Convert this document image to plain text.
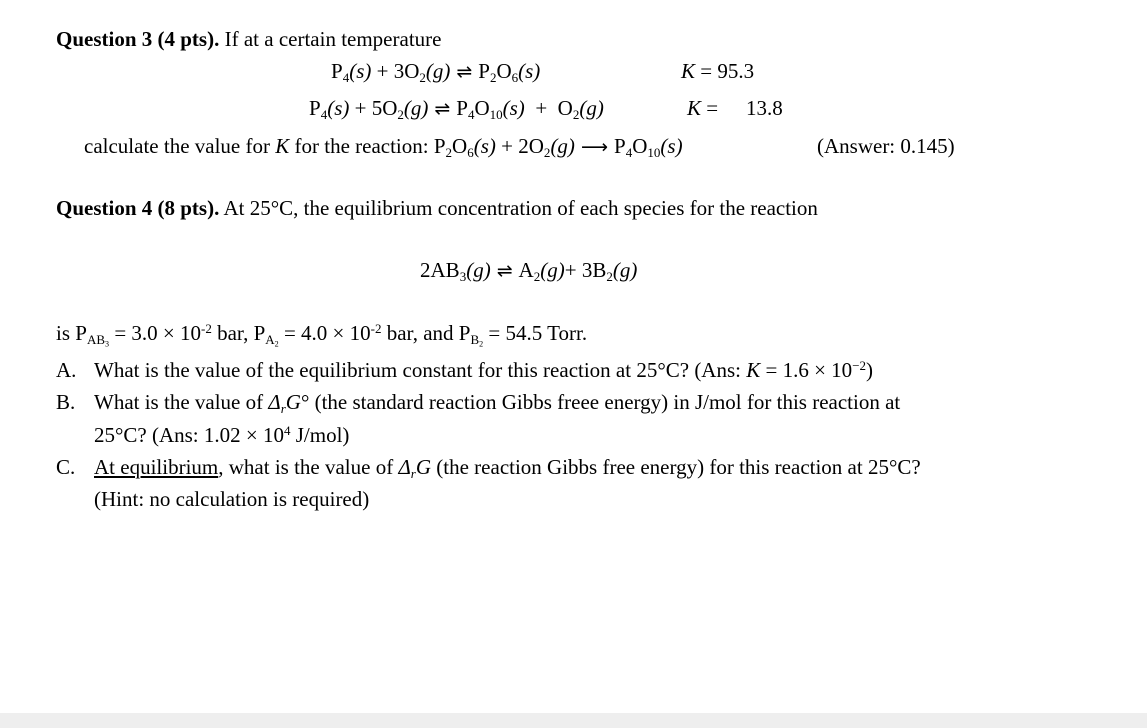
Question 3 (4 pts). If at a certain temperature
$P_4(s) + 3O_2(g)$ ⇌ $P_2O_6(s)$	K = 95.3
$P_4(s) + 5O_2(g)$ ⇌ $P_4O_{10}(s) + O_2(g)$	K = 13.8
calculate the value for K for the reaction: $P_2O_6(s) + 2O_2(g)$ ⟶ $P_4O_{10}(s)$	(Answer: 0.145)
Question 4 (8 pts). At 25°C, the equilibrium concentration of each species for the reaction
$2AB_3(g)$ ⇌ $A_2(g)+ 3B_2(g)$
is $P_{AB_3} = 3.0 \times 10^{-2}$ bar, $P_{A_2} = 4.0 \times 10^{-2}$ bar, and $P_{B_2} = 54.5$ Torr.
A. What is the value of the equilibrium constant for this reaction at 25°C? (Ans: $K = 1.6 \times 10^{-2}$)
B. What is the value of $\Delta_rG^\circ$ (the standard reaction Gibbs freee energy) in J/mol for this reaction at
25°C? (Ans: $1.02 \times 10^4$ J/mol)
C. At equilibrium, what is the value of $\Delta_rG$ (the reaction Gibbs free energy) for this reaction at 25°C?
(Hint: no calculation is required)
